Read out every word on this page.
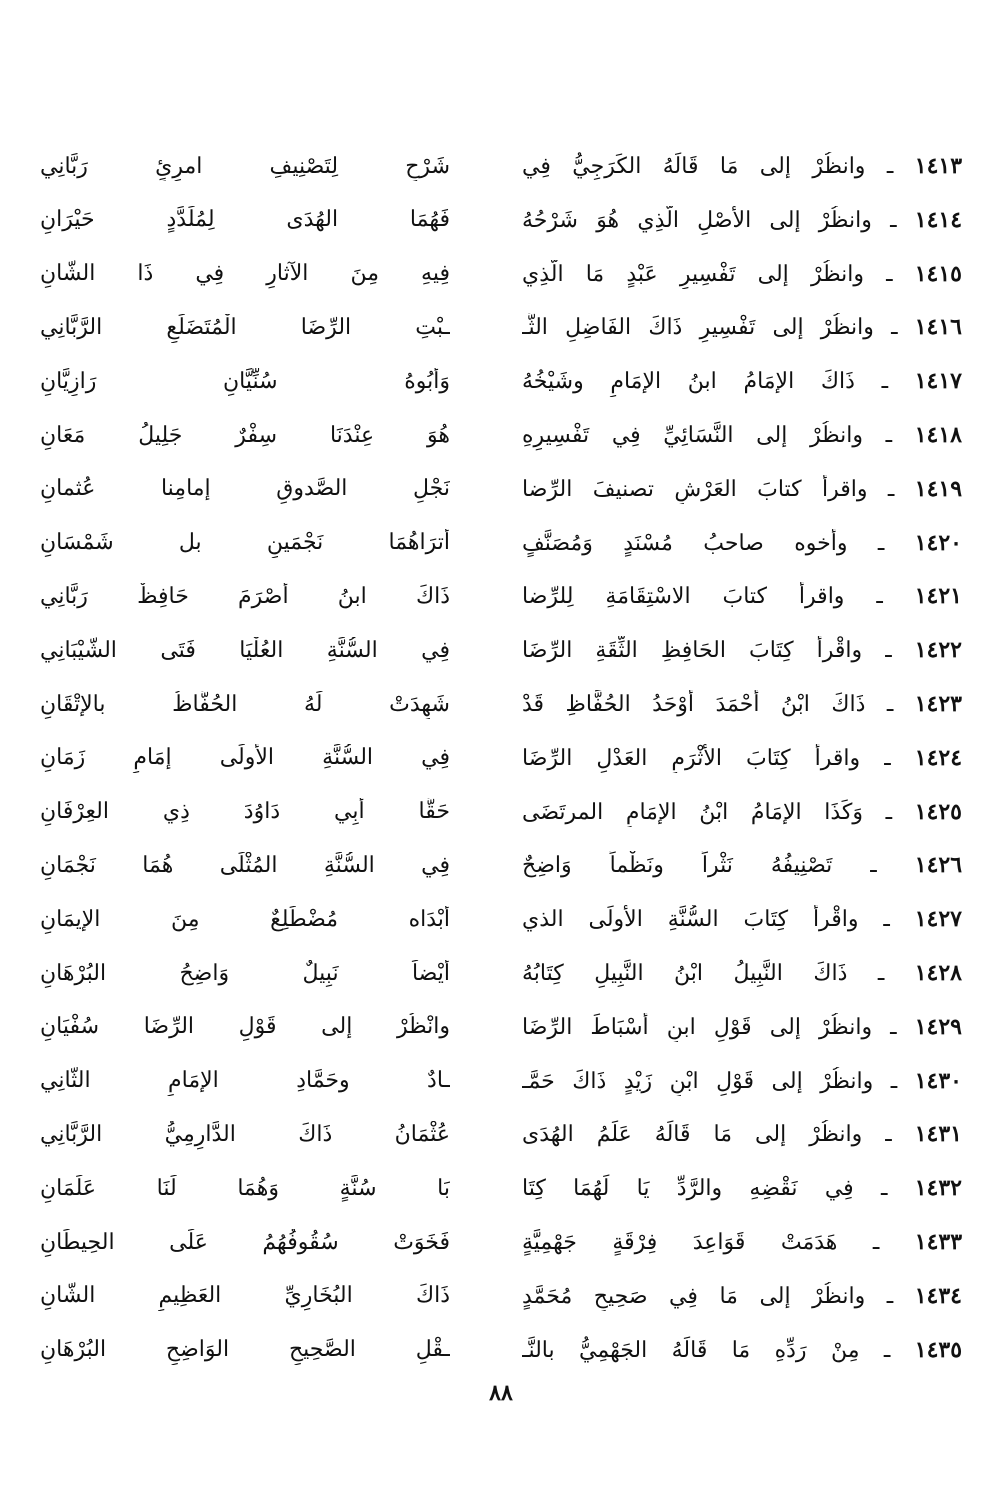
١٤١٣ ـ وانظُرْ إلى مَا قَالَهُ الكَرَجِيُّ فِي
شَرْحِ لِتَصْنِيفِ امرِئٍ رَبَّانِي
١٤١٤ ـ وانظُرْ إلى الأَصْلِ الَّذِي هُوَ شَرْحُهُ
فَهُمَا الهُدَى لِمُلَدَّدٍ حَيْرَانِ
١٤١٥ ـ وانظُرْ إلى تَفْسِيرِ عَبْدٍ مَا الَّذِي
فِيهِ مِنَ الآثارِ فِي ذَا الشَّانِ
١٤١٦ ـ وانظُرْ إلى تَفْسِيرِ ذَاكَ الفَاضِلِ الثَّـ
ـبْتِ الرِّضَا الْمُتَضَلِّعِ الرَّبَّانِي
١٤١٧ ـ ذَاكَ الإمَامُ ابنُ الإمَامِ وشَيْخُهُ
وَأَبُوهُ سُنِّيَّانِ رَازِيَّانِ
١٤١٨ ـ وانظُرْ إلى النَّسَائِيِّ فِي تَفْسِيرِهِ
هُوَ عِنْدَنَا سِفْرٌ جَلِيلُ مَعَانِ
١٤١٩ ـ واقرأ كتابَ العَرْشِ تصنيفَ الرِّضا
نَجْلِ الصَّدوقِ إمامِنا عُثمانِ
١٤٢٠ ـ وأخوه صاحبُ مُسْنَدٍ وَمُصَنَّفٍ
أترَاهُمَا نَجْمَينِ بل شَمْسَانِ
١٤٢١ ـ واقرأ كتابَ الاسْتِقَامَةِ لِلرِّضا
ذَاكَ ابنُ أَصْرَمَ حَافِظٌ رَبَّانِي
١٤٢٢ ـ واقْرأْ كِتَابَ الحَافِظِ الثِّقَةِ الرِّضَا
فِي السُّنَّةِ العُلْيَا فَتَى الشَّيْبَانِي
١٤٢٣ ـ ذَاكَ ابْنُ أحْمَدَ أوْحَدُ الحُفَّاظِ قَدْ
شَهِدَتْ لَهُ الحُفَّاظُ بالإتْقَانِ
١٤٢٤ ـ واقرأْ كِتَابَ الأثْرَمِ العَدْلِ الرِّضَا
فِي السُّنَّةِ الأولَى إمَامِ زَمَانِ
١٤٢٥ ـ وَكَذَا الإمَامُ ابْنُ الإمَامِ المرتَضَى
حَقًّا أبِي دَاوُدَ ذِي العِرْفَانِ
١٤٢٦ ـ تَصْنِيفُهُ نَثْراً ونَظْماً وَاضِحٌ
فِي السُّنَّةِ المُثْلَى هُمَا نَجْمَانِ
١٤٢٧ ـ واقْرأْ كِتَابَ السُّنَّةِ الأُولَى الذي
أبْدَاه مُضْطَلِعٌ مِنَ الإيمَانِ
١٤٢٨ ـ ذَاكَ النَّبِيلُ ابْنُ النَّبِيلِ كِتَابُهُ
أيْضاً نَبِيلٌ وَاضِحُ البُرْهَانِ
١٤٢٩ ـ وانظُرْ إلى قَوْلِ ابنِ أسْبَاطَ الرِّضَا
وانْظُرْ إلى قَوْلِ الرِّضَا سُفْيَانِ
١٤٣٠ ـ وانظُرْ إلى قَوْلِ ابْنِ زَيْدٍ ذَاكَ حَمَّـ
ـادٌ وحَمَّادِ الإمَامِ الثَّانِي
١٤٣١ ـ وانظُرْ إلى مَا قَالَهُ عَلَمُ الهُدَى
عُثْمَانُ ذَاكَ الدَّارِمِيُّ الرَّبَّانِي
١٤٣٢ ـ فِي نَقْضِهِ والرَّدِّ يَا لَهُمَا كِتَا
بَا سُنَّةٍ وَهُمَا لَنَا عَلَمَانِ
١٤٣٣ ـ هَدَمَتْ قَوَاعِدَ فِرْقَةٍ جَهْمِيَّةٍ
فَخَوَتْ سُقُوفُهُمُ عَلَى الحِيطَانِ
١٤٣٤ ـ وانظُرْ إلى مَا فِي صَحِيحِ مُحَمَّدٍ
ذَاكَ البُخَارِيِّ العَظِيمِ الشَّانِ
١٤٣٥ ـ مِنْ رَدِّهِ مَا قَالَهُ الجَهْمِيُّ بالنَّـ
ـقْلِ الصَّحِيحِ الوَاضِحِ البُرْهَانِ
٨٨
